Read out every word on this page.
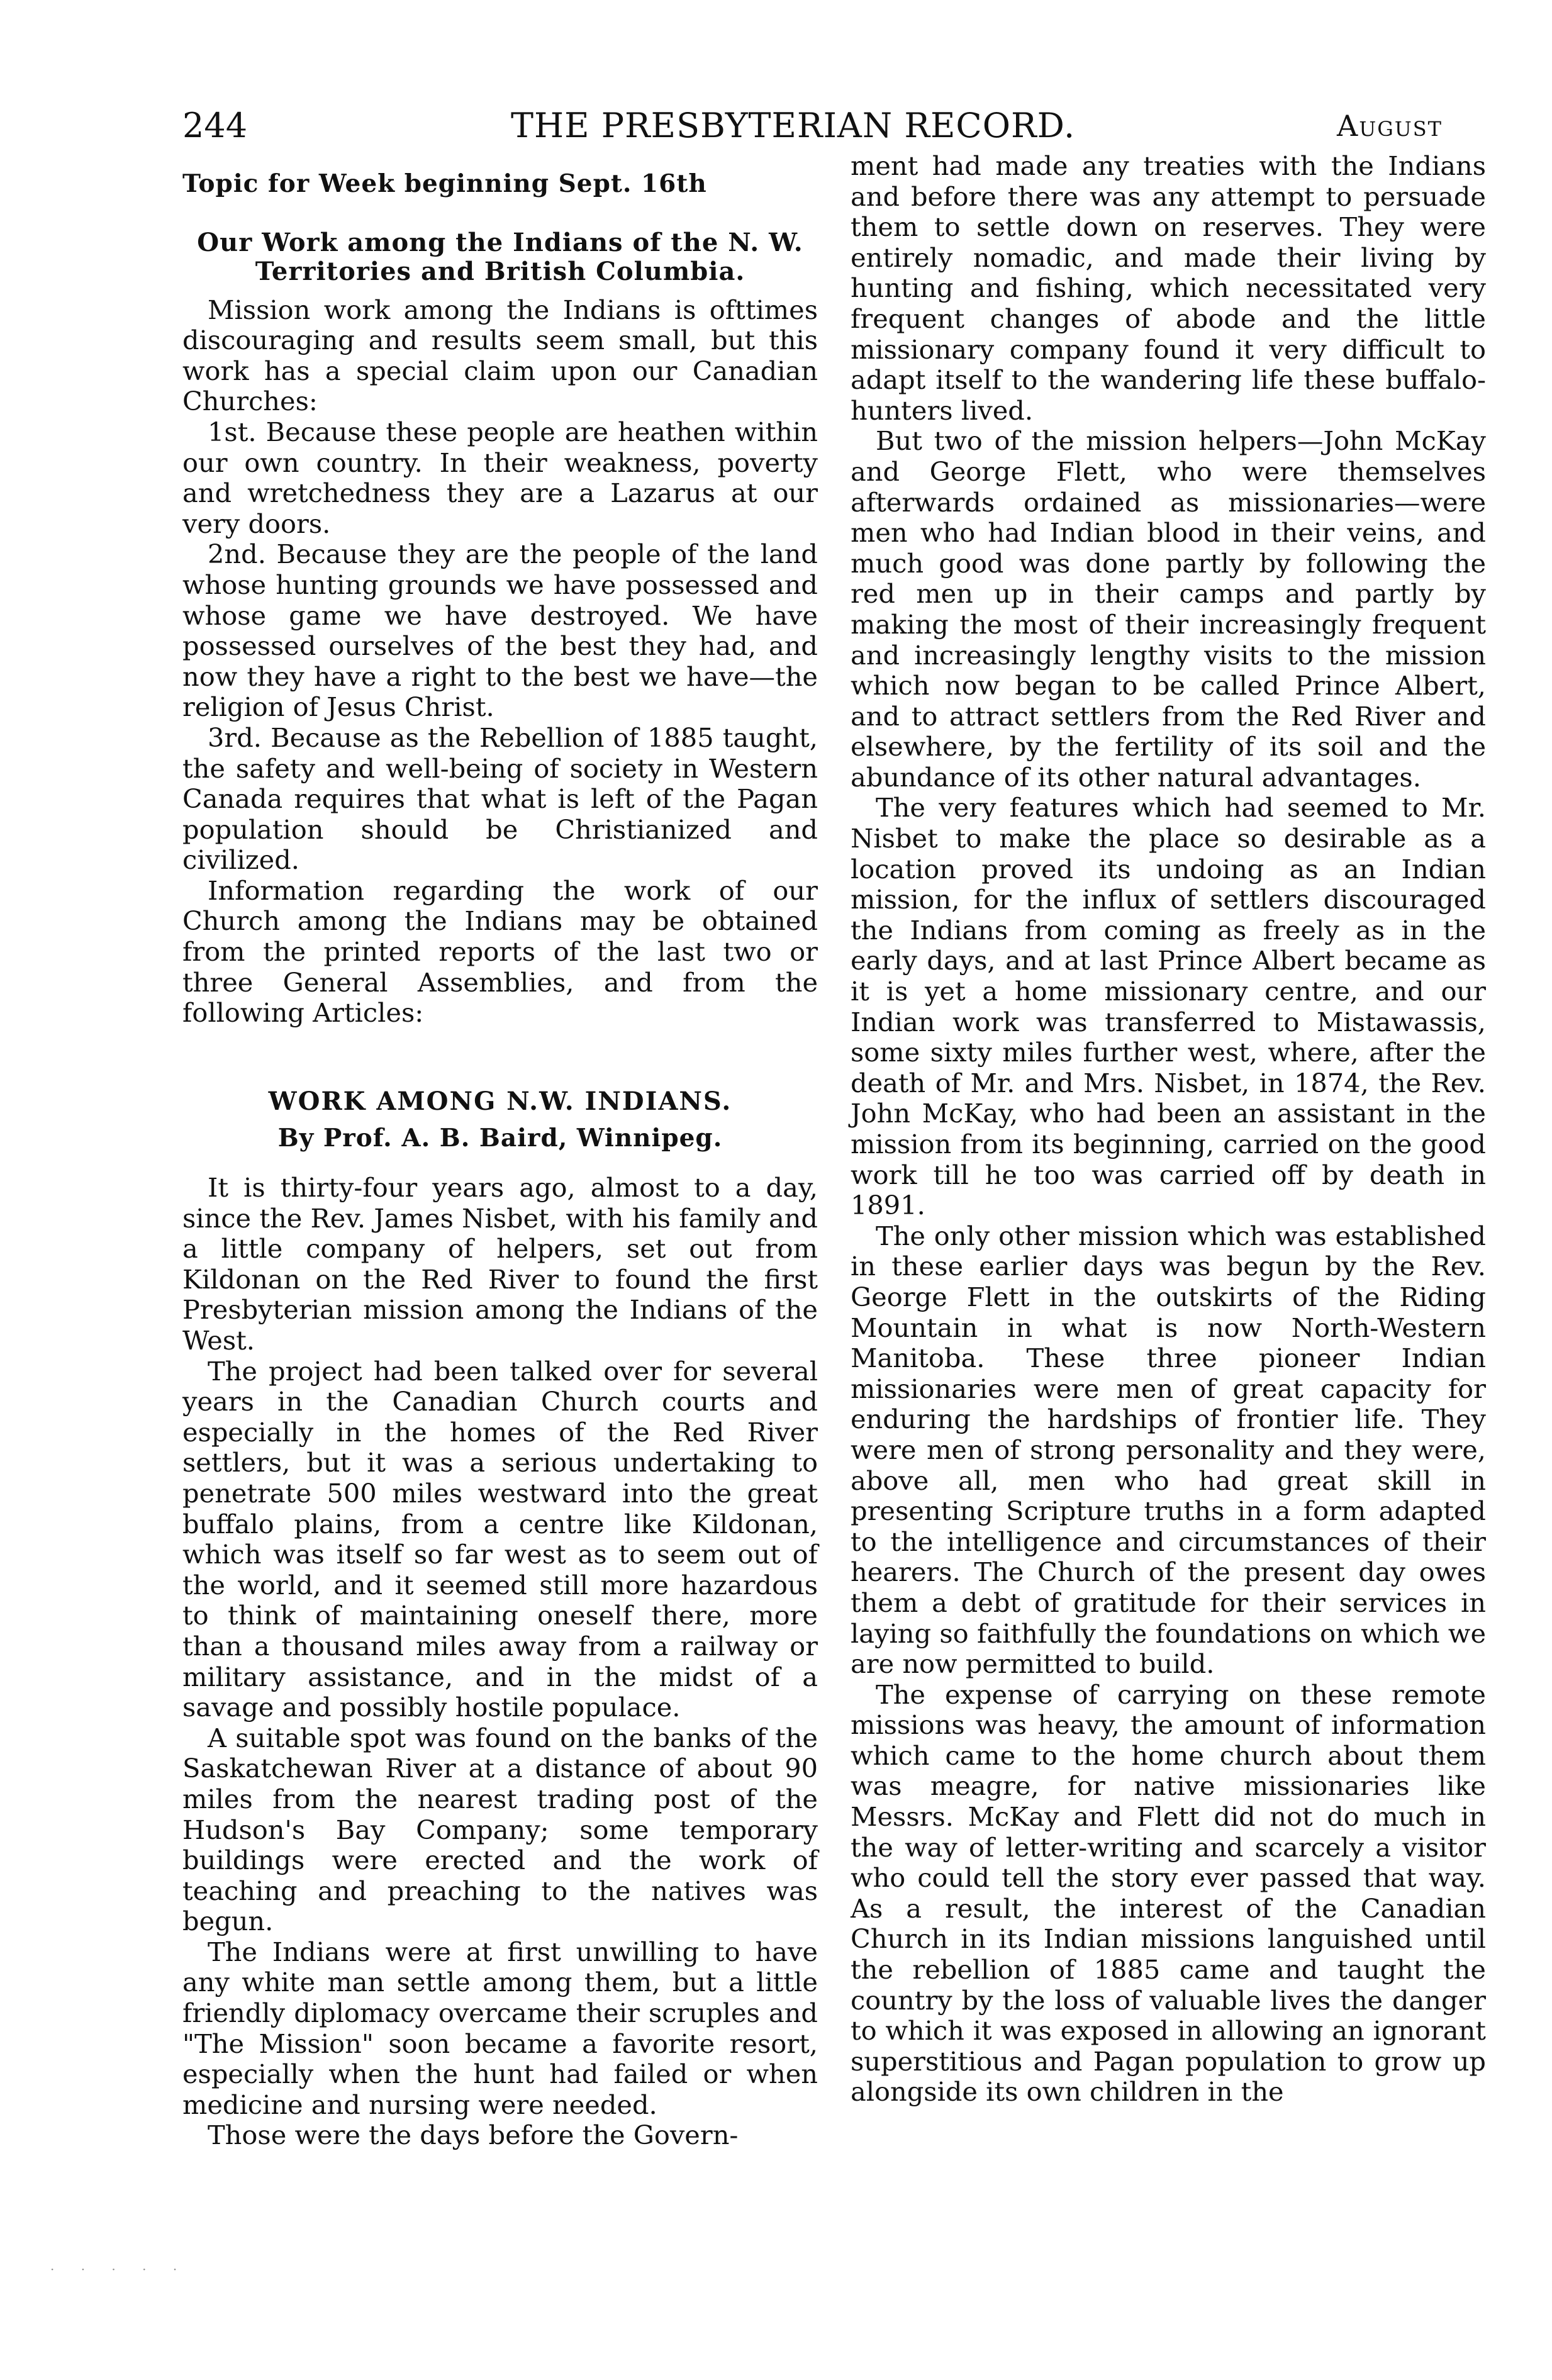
244	THE PRESBYTERIAN RECORD.	August
Topic for Week beginning Sept. 16th
Our Work among the Indians of the N. W. Territories and British Columbia.

Mission work among the Indians is ofttimes discouraging and results seem small, but this work has a special claim upon our Canadian Churches:

1st. Because these people are heathen within our own country. In their weakness, poverty and wretchedness they are a Lazarus at our very doors.

2nd. Because they are the people of the land whose hunting grounds we have possessed and whose game we have destroyed. We have possessed ourselves of the best they had, and now they have a right to the best we have—the religion of Jesus Christ.

3rd. Because as the Rebellion of 1885 taught, the safety and well-being of society in Western Canada requires that what is left of the Pagan population should be Christianized and civilized.

Information regarding the work of our Church among the Indians may be obtained from the printed reports of the last two or three General Assemblies, and from the following Articles:

WORK AMONG N.W. INDIANS.
By Prof. A. B. Baird, Winnipeg.

It is thirty-four years ago, almost to a day, since the Rev. James Nisbet, with his family and a little company of helpers, set out from Kildonan on the Red River to found the first Presbyterian mission among the Indians of the West.

The project had been talked over for several years in the Canadian Church courts and especially in the homes of the Red River settlers, but it was a serious undertaking to penetrate 500 miles westward into the great buffalo plains, from a centre like Kildonan, which was itself so far west as to seem out of the world, and it seemed still more hazardous to think of maintaining oneself there, more than a thousand miles away from a railway or military assistance, and in the midst of a savage and possibly hostile populace.

A suitable spot was found on the banks of the Saskatchewan River at a distance of about 90 miles from the nearest trading post of the Hudson's Bay Company; some temporary buildings were erected and the work of teaching and preaching to the natives was begun.

The Indians were at first unwilling to have any white man settle among them, but a little friendly diplomacy overcame their scruples and "The Mission" soon became a favorite resort, especially when the hunt had failed or when medicine and nursing were needed.

Those were the days before the Govern-

ment had made any treaties with the Indians and before there was any attempt to persuade them to settle down on reserves. They were entirely nomadic, and made their living by hunting and fishing, which necessitated very frequent changes of abode and the little missionary company found it very difficult to adapt itself to the wandering life these buffalo-hunters lived.

But two of the mission helpers—John McKay and George Flett, who were themselves afterwards ordained as missionaries—were men who had Indian blood in their veins, and much good was done partly by following the red men up in their camps and partly by making the most of their increasingly frequent and increasingly lengthy visits to the mission which now began to be called Prince Albert, and to attract settlers from the Red River and elsewhere, by the fertility of its soil and the abundance of its other natural advantages.

The very features which had seemed to Mr. Nisbet to make the place so desirable as a location proved its undoing as an Indian mission, for the influx of settlers discouraged the Indians from coming as freely as in the early days, and at last Prince Albert became as it is yet a home missionary centre, and our Indian work was transferred to Mistawassis, some sixty miles further west, where, after the death of Mr. and Mrs. Nisbet, in 1874, the Rev. John McKay, who had been an assistant in the mission from its beginning, carried on the good work till he too was carried off by death in 1891.

The only other mission which was established in these earlier days was begun by the Rev. George Flett in the outskirts of the Riding Mountain in what is now North-Western Manitoba. These three pioneer Indian missionaries were men of great capacity for enduring the hardships of frontier life. They were men of strong personality and they were, above all, men who had great skill in presenting Scripture truths in a form adapted to the intelligence and circumstances of their hearers. The Church of the present day owes them a debt of gratitude for their services in laying so faithfully the foundations on which we are now permitted to build.

The expense of carrying on these remote missions was heavy, the amount of information which came to the home church about them was meagre, for native missionaries like Messrs. McKay and Flett did not do much in the way of letter-writing and scarcely a visitor who could tell the story ever passed that way. As a result, the interest of the Canadian Church in its Indian missions languished until the rebellion of 1885 came and taught the country by the loss of valuable lives the danger to which it was exposed in allowing an ignorant superstitious and Pagan population to grow up alongside its own children in the

· · · · ·
